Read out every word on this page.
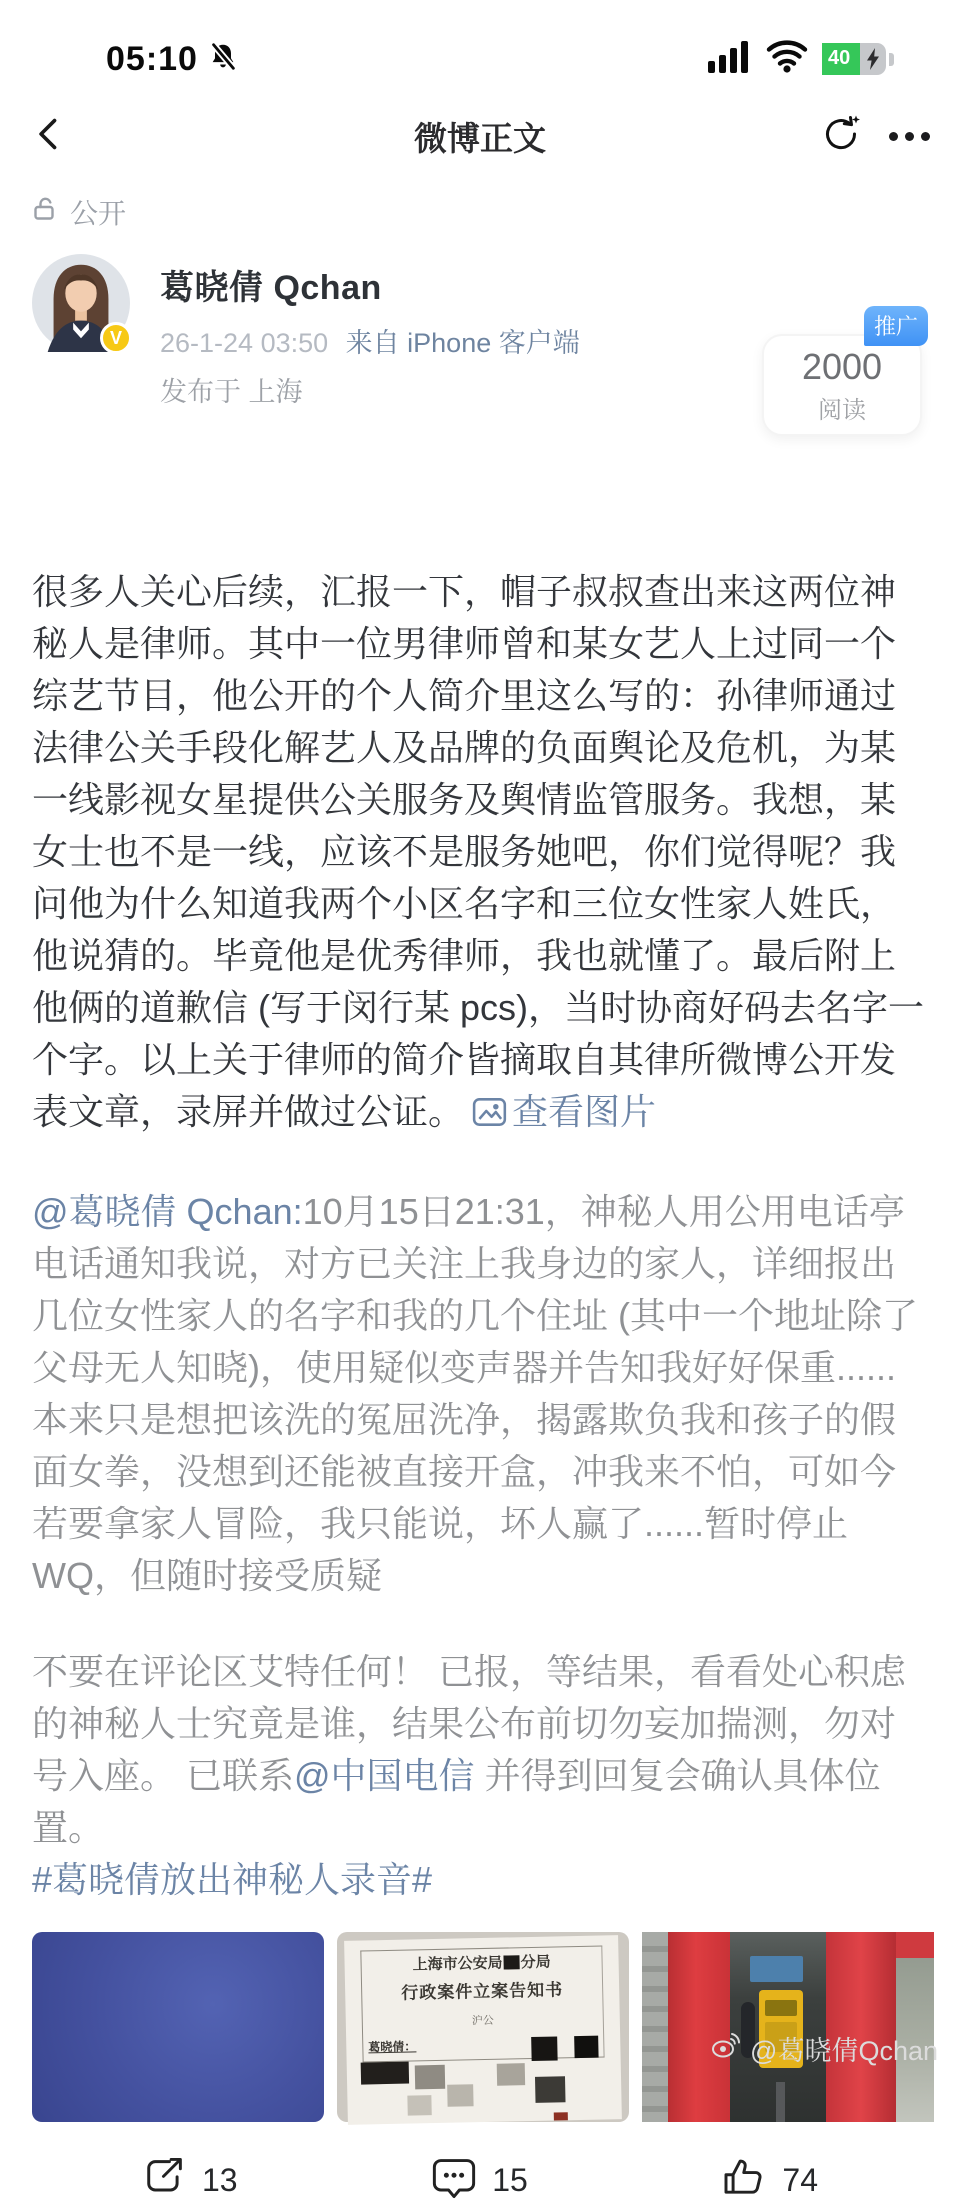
05:10	40
微博正文
公开
V
葛晓倩 Qchan
26-1-24 03:50 来自 iPhone 客户端
发布于 上海
2000
阅读
推广

很多人关心后续，汇报一下，帽子叔叔查出来这两位神秘人是律师。其中一位男律师曾和某女艺人上过同一个综艺节目，他公开的个人简介里这么写的：孙律师通过法律公关手段化解艺人及品牌的负面舆论及危机，为某一线影视女星提供公关服务及舆情监管服务。我想，某女士也不是一线，应该不是服务她吧，你们觉得呢？我问他为什么知道我两个小区名字和三位女性家人姓氏，他说猜的。毕竟他是优秀律师，我也就懂了。最后附上他俩的道歉信 (写于闵行某 pcs)，当时协商好码去名字一个字。以上关于律师的简介皆摘取自其律所微博公开发表文章，录屏并做过公证。 查看图片

@葛晓倩 Qchan:10月15日21:31，神秘人用公用电话亭电话通知我说，对方已关注上我身边的家人，详细报出几位女性家人的名字和我的几个住址 (其中一个地址除了父母无人知晓)，使用疑似变声器并告知我好好保重......本来只是想把该洗的冤屈洗净，揭露欺负我和孩子的假面女拳，没想到还能被直接开盒，冲我来不怕，可如今若要拿家人冒险，我只能说，坏人赢了......暂时停止 WQ，但随时接受质疑

不要在评论区艾特任何！ 已报，等结果，看看处心积虑的神秘人士究竟是谁，结果公布前切勿妄加揣测，勿对号入座。 已联系@中国电信 并得到回复会确认具体位置。
#葛晓倩放出神秘人录音#

上海市公安局 分局
行政案件立案告知书
沪公
葛晓倩：
13	15	74
@葛晓倩Qchan
